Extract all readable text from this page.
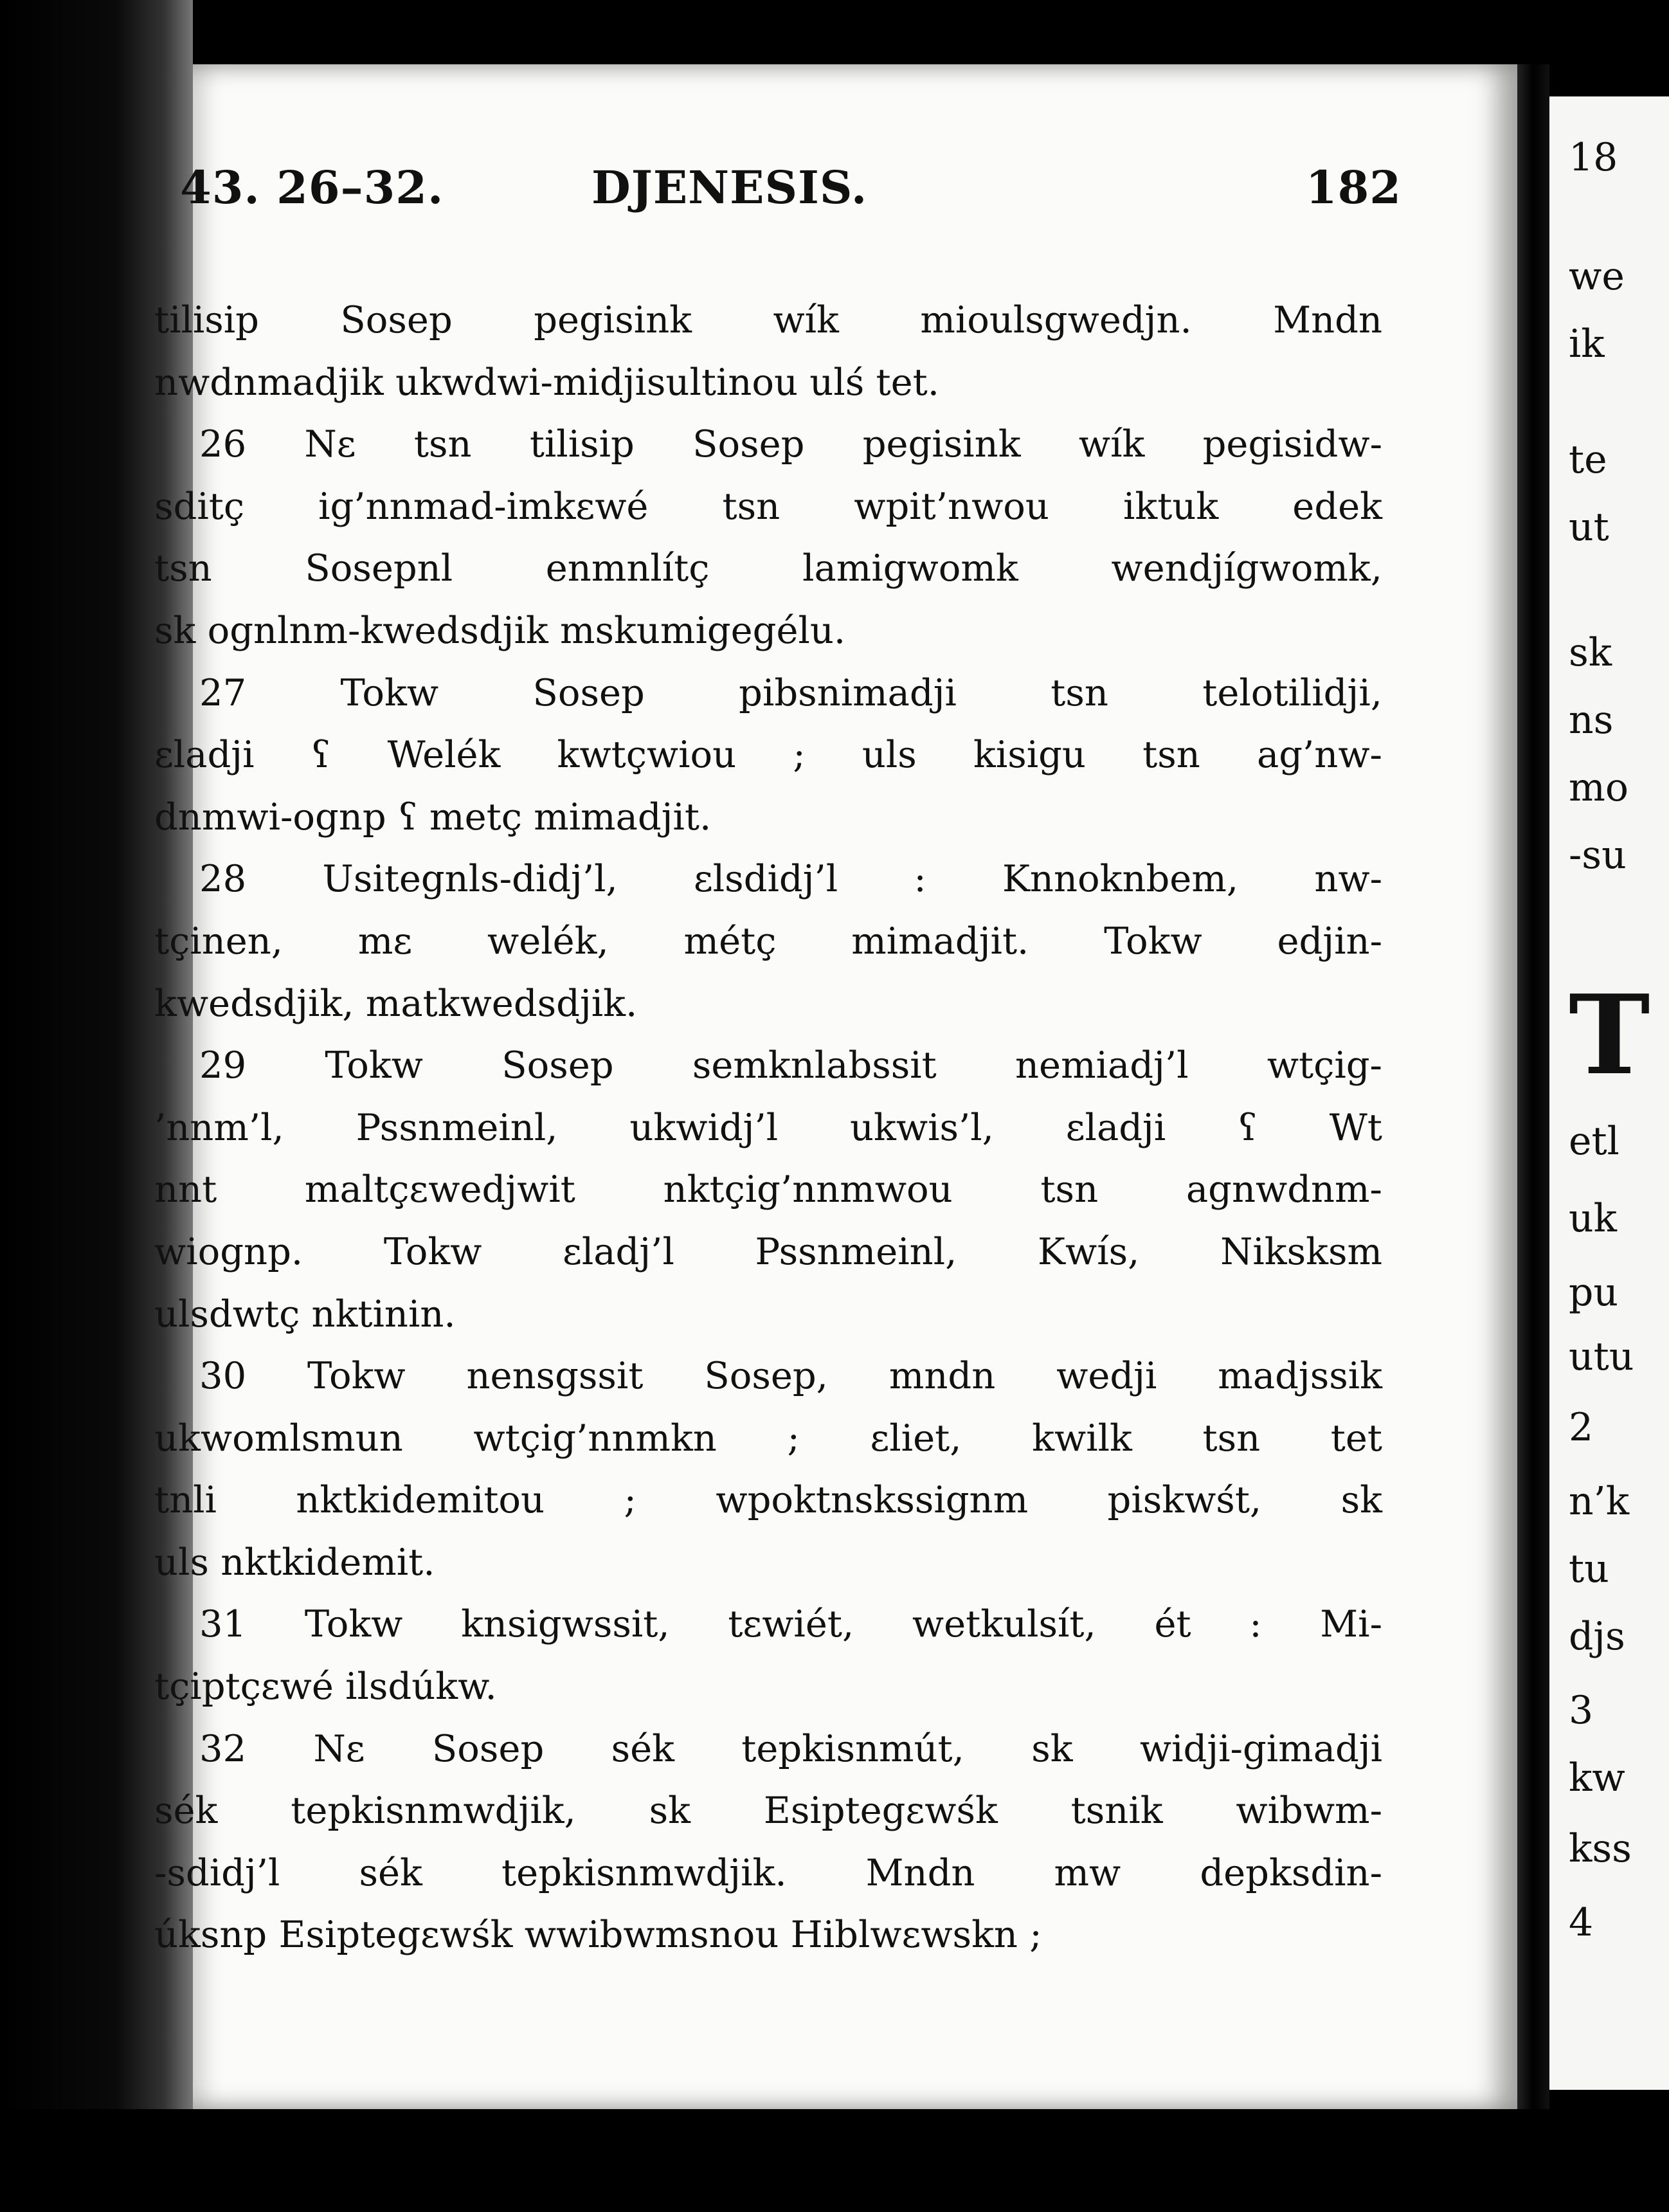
43. 26–32.	DJENESIS.	182
tilisip Sosep pegisink wík mioulsgwedjn. Mndn
nwdnmadjik ukwdwi-midjisultinou ulś tet.
26 Nε tsn tilisip Sosep pegisink wík pegisidw-
sditç ig’nnmad-imkεwé tsn wpit’nwou iktuk edek
tsn Sosepnl enmnlítç lamigwomk wendjígwomk,
sk ognlnm-kwedsdjik mskumigegélu.
27 Tokw Sosep pibsnimadji tsn telotilidji,
εladji ʕ Welék kwtçwiou ; uls kisigu tsn ag’nw-
dnmwi-ognp ʕ metç mimadjit.
28 Usitegnls-didj’l, εlsdidj’l : Knnoknbem, nw-
tçinen, mε welék, métç mimadjit. Tokw edjin-
kwedsdjik, matkwedsdjik.
29 Tokw Sosep semknlabssit nemiadj’l wtçig-
’nnm’l, Pssnmeinl, ukwidj’l ukwis’l, εladji ʕ Wt
nnt maltçεwedjwit nktçig’nnmwou tsn agnwdnm-
wiognp. Tokw εladj’l Pssnmeinl, Kwís, Niksksm
ulsdwtç nktinin.
30 Tokw nensgssit Sosep, mndn wedji madjssik
ukwomlsmun wtçig’nnmkn ; εliet, kwilk tsn tet
tnli nktkidemitou ; wpoktnskssignm piskwśt, sk
uls nktkidemit.
31 Tokw knsigwssit, tεwiét, wetkulsít, ét : Mi-
tçiptçεwé ilsdúkw.
32 Nε Sosep sék tepkisnmút, sk widji-gimadji
sék tepkisnmwdjik, sk Esiptegεwśk tsnik wibwm-
-sdidj’l sék tepkisnmwdjik. Mndn mw depksdin-
úksnp Esiptegεwśk wwibwmsnou Hiblwεwskn ;
18
we
ik
te
ut
sk
ns
mo
-su
T
etl
uk
pu
utu
2
n’k
tu
djs
3
kw
kss
4
